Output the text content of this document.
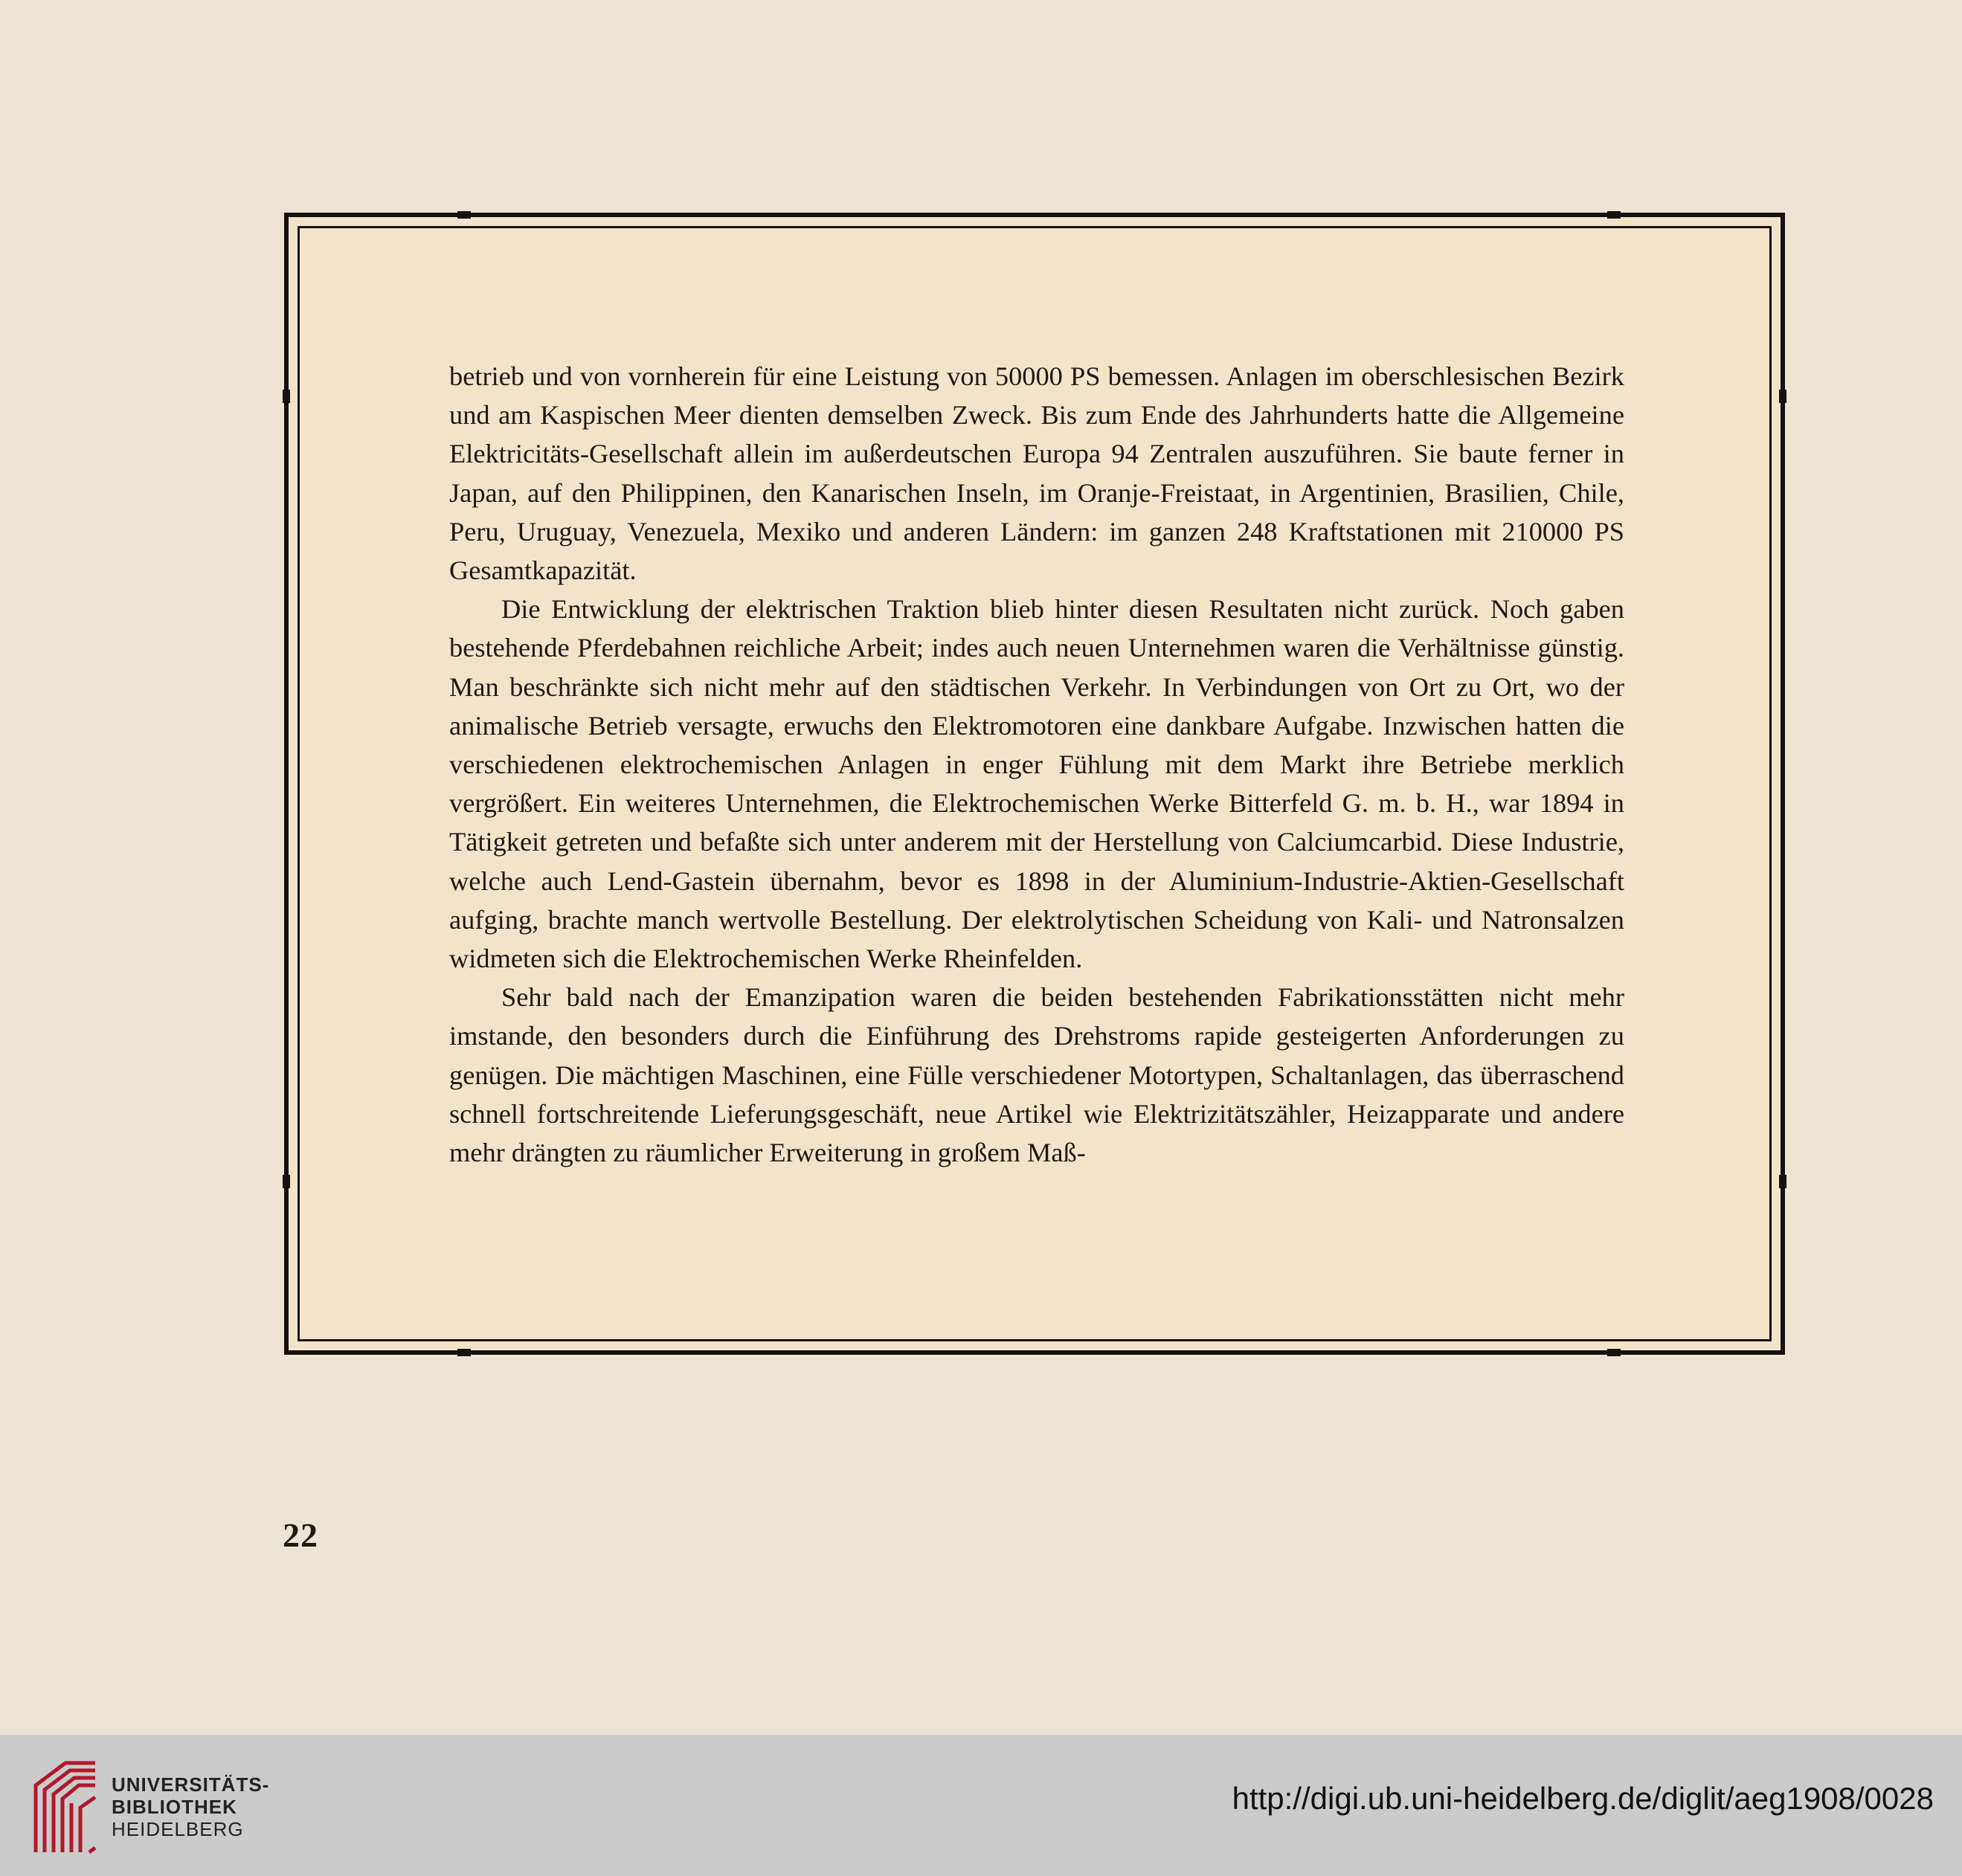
betrieb und von vornherein für eine Leistung von 50000 PS bemessen. Anlagen im oberschlesischen Bezirk und am Kaspischen Meer dienten demselben Zweck. Bis zum Ende des Jahrhunderts hatte die Allgemeine Elektricitäts-Gesellschaft allein im außerdeutschen Europa 94 Zentralen auszuführen. Sie baute ferner in Japan, auf den Philippinen, den Kanarischen Inseln, im Oranje-Freistaat, in Argentinien, Brasilien, Chile, Peru, Uruguay, Venezuela, Mexiko und anderen Ländern: im ganzen 248 Kraftstationen mit 210000 PS Gesamtkapazität.

Die Entwicklung der elektrischen Traktion blieb hinter diesen Resultaten nicht zurück. Noch gaben bestehende Pferdebahnen reichliche Arbeit; indes auch neuen Unternehmen waren die Verhältnisse günstig. Man beschränkte sich nicht mehr auf den städtischen Verkehr. In Verbindungen von Ort zu Ort, wo der animalische Betrieb versagte, erwuchs den Elektromotoren eine dankbare Aufgabe. Inzwischen hatten die verschiedenen elektrochemischen Anlagen in enger Fühlung mit dem Markt ihre Betriebe merklich vergrößert. Ein weiteres Unternehmen, die Elektrochemischen Werke Bitterfeld G. m. b. H., war 1894 in Tätigkeit getreten und befaßte sich unter anderem mit der Herstellung von Calciumcarbid. Diese Industrie, welche auch Lend-Gastein übernahm, bevor es 1898 in der Aluminium-Industrie-Aktien-Gesellschaft aufging, brachte manch wertvolle Bestellung. Der elektrolytischen Scheidung von Kali- und Natronsalzen widmeten sich die Elektrochemischen Werke Rheinfelden.

Sehr bald nach der Emanzipation waren die beiden bestehenden Fabrikationsstätten nicht mehr imstande, den besonders durch die Einführung des Drehstroms rapide gesteigerten Anforderungen zu genügen. Die mächtigen Maschinen, eine Fülle verschiedener Motortypen, Schaltanlagen, das überraschend schnell fortschreitende Lieferungsgeschäft, neue Artikel wie Elektrizitätszähler, Heizapparate und andere mehr drängten zu räumlicher Erweiterung in großem Maß-

22
UNIVERSITÄTS-
BIBLIOTHEK
HEIDELBERG
http://digi.ub.uni-heidelberg.de/diglit/aeg1908/0028
